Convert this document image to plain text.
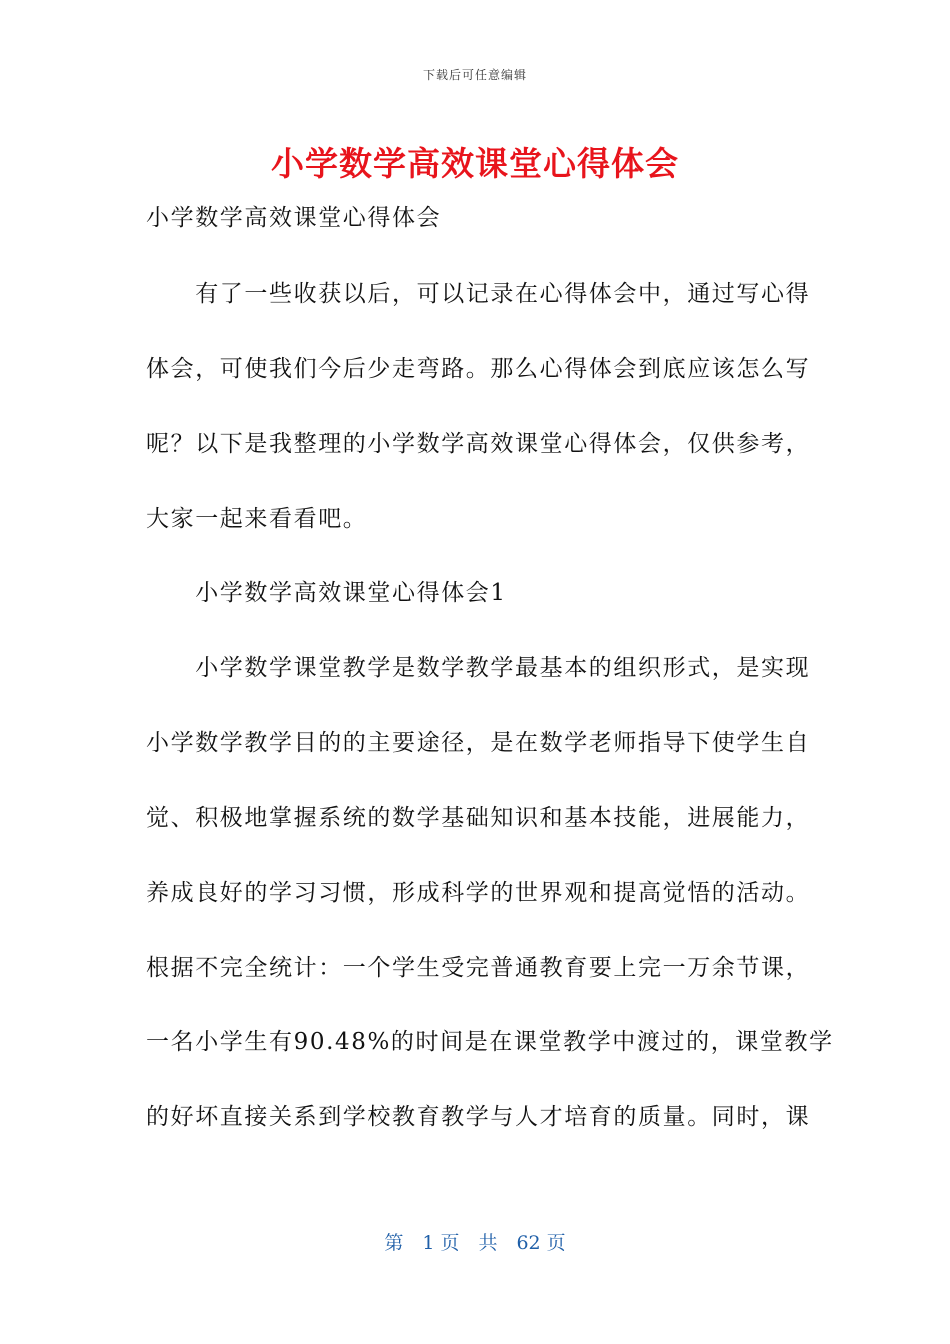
下载后可任意编辑
小学数学高效课堂心得体会
小学数学高效课堂心得体会
　　有了一些收获以后，可以记录在心得体会中，通过写心得
体会，可使我们今后少走弯路。那么心得体会到底应该怎么写
呢？以下是我整理的小学数学高效课堂心得体会，仅供参考，
大家一起来看看吧。
　　小学数学高效课堂心得体会1
　　小学数学课堂教学是数学教学最基本的组织形式，是实现
小学数学教学目的的主要途径，是在数学老师指导下使学生自
觉、积极地掌握系统的数学基础知识和基本技能，进展能力，
养成良好的学习习惯，形成科学的世界观和提高觉悟的活动。
根据不完全统计：一个学生受完普通教育要上完一万余节课，
一名小学生有90.48%的时间是在课堂教学中渡过的，课堂教学
的好坏直接关系到学校教育教学与人才培育的质量。同时，课
第　1 页　共　62 页
